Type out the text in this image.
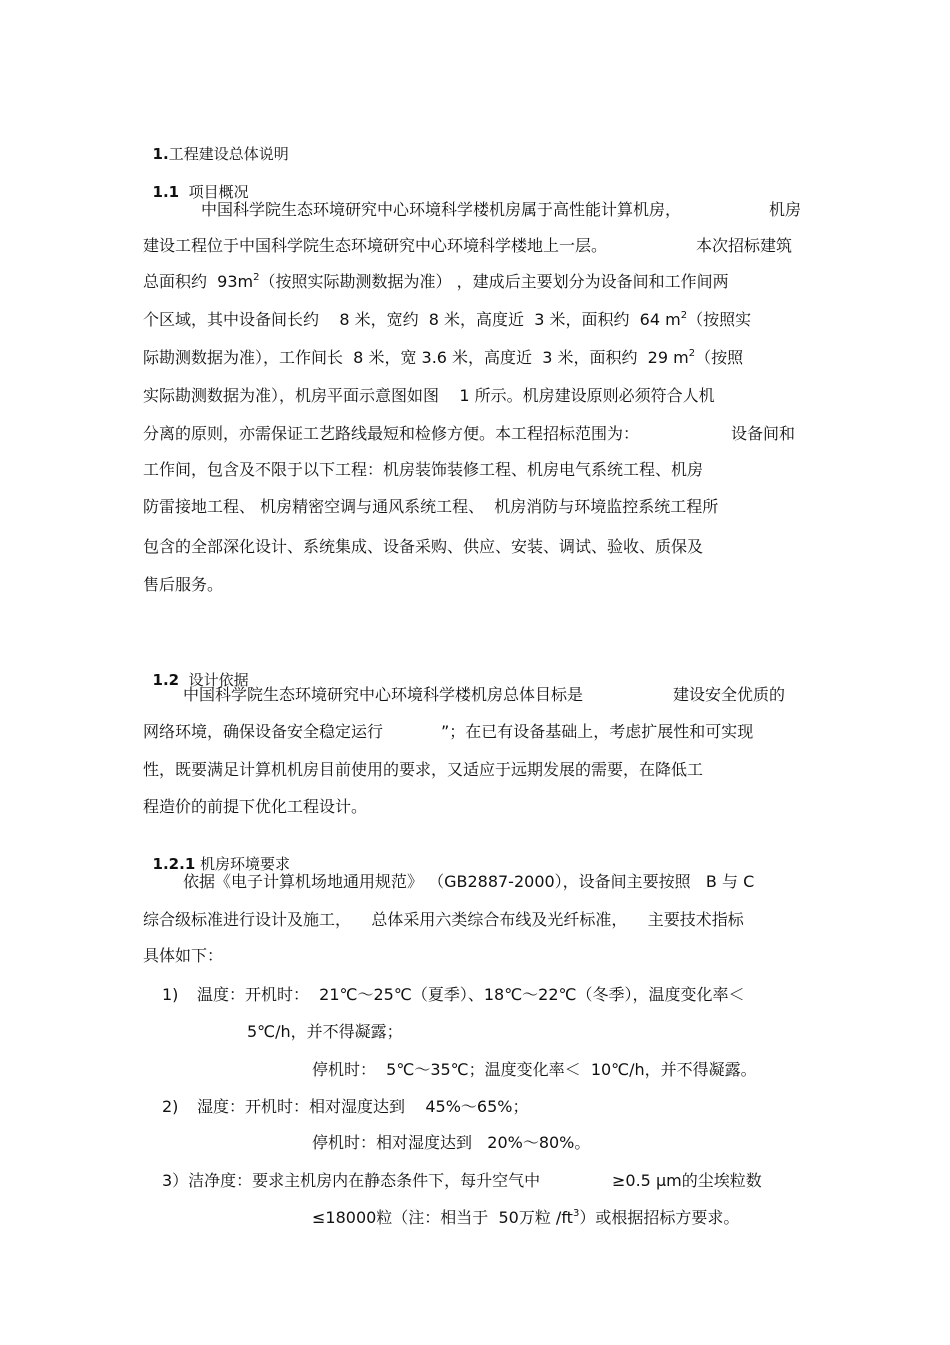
1.工程建设总体说明

1.1 项目概况

中国科学院生态环境研究中心环境科学楼机房属于高性能计算机房，	机房
建设工程位于中国科学院生态环境研究中心环境科学楼地上一层。	本次招标建筑
总面积约  $93m^2$（按照实际勘测数据为准） ，建成后主要划分为设备间和工作间两
个区域，其中设备间长约    8 米，宽约  8 米，高度近  3 米，面积约  64 $m^2$（按照实
际勘测数据为准），工作间长  8 米，宽 3.6 米，高度近  3 米，面积约  29 $m^2$（按照
实际勘测数据为准），机房平面示意图如图    1 所示。机房建设原则必须符合人机
分离的原则，亦需保证工艺路线最短和检修方便。本工程招标范围为：	设备间和
工作间，包含及不限于以下工程：机房装饰装修工程、机房电气系统工程、机房
防雷接地工程、 机房精密空调与通风系统工程、  机房消防与环境监控系统工程所
包含的全部深化设计、系统集成、设备采购、供应、安装、调试、验收、质保及
售后服务。

1.2 设计依据

中国科学院生态环境研究中心环境科学楼机房总体目标是	建设安全优质的
网络环境，确保设备安全稳定运行	”；在已有设备基础上，考虑扩展性和可实现
性，既要满足计算机机房目前使用的要求，又适应于远期发展的需要，在降低工
程造价的前提下优化工程设计。

1.2.1 机房环境要求

依据《电子计算机场地通用规范》 （GB2887-2000），设备间主要按照   B 与 C
综合级标准进行设计及施工，    总体采用六类综合布线及光纤标准，    主要技术指标
具体如下：
1) 温度：开机时：  21℃～25℃（夏季）、18℃～22℃（冬季），温度变化率＜
5℃/h，并不得凝露；
停机时：  5℃～35℃；温度变化率＜  10℃/h，并不得凝露。
2) 湿度：开机时：相对湿度达到    45%～65%；
停机时：相对湿度达到   20%～80%。
3）洁净度：要求主机房内在静态条件下，每升空气中	≥0.5 μm的尘埃粒数
≤18000粒（注：相当于  50万粒 $/ft^3$）或根据招标方要求。
